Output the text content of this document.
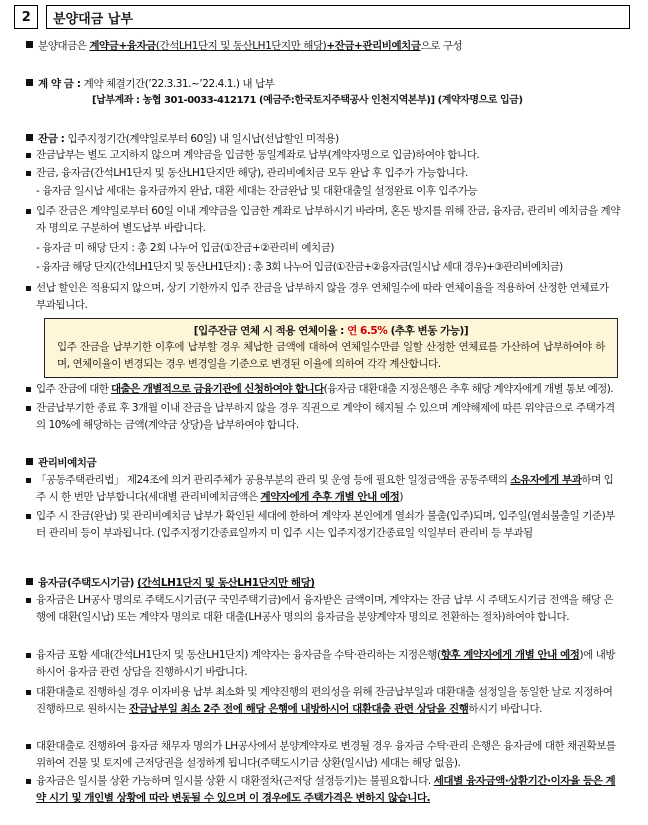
2	분양대금 납부
분양대금은 계약금+융자금(간석LH1단지 및 동산LH1단지만 해당)+잔금+관리비예치금으로 구성
계 약 금 : 계약 체결기간(’22.3.31.~’22.4.1.) 내 납부
[납부계좌 : 농협 301-0033-412171 (예금주:한국토지주택공사 인천지역본부)] (계약자명으로 입금)
잔금 : 입주지정기간(계약일로부터 60일) 내 일시납(선납할인 미적용)
잔금납부는 별도 고지하지 않으며 계약금을 입금한 동일계좌로 납부(계약자명으로 입금)하여야 합니다.
잔금, 융자금(간석LH1단지 및 동산LH1단지만 해당), 관리비예치금 모두 완납 후 입주가 가능합니다.
- 융자금 일시납 세대는 융자금까지 완납, 대환 세대는 잔금완납 및 대환대출일 설정완료 이후 입주가능
입주 잔금은 계약일로부터 60일 이내 계약금을 입금한 계좌로 납부하시기 바라며, 혼돈 방지를 위해 잔금, 융자금, 관리비 예치금을 계약자 명의로 구분하여 별도납부 바랍니다.
- 융자금 미 해당 단지 : 총 2회 나누어 입금(①잔금+②관리비 예치금)
- 융자금 해당 단지(간석LH1단지 및 동산LH1단지) : 총 3회 나누어 입금(①잔금+②융자금(일시납 세대 경우)+③관리비예치금)
선납 할인은 적용되지 않으며, 상기 기한까지 입주 잔금을 납부하지 않을 경우 연체일수에 따라 연체이율을 적용하여 산정한 연체료가 부과됩니다.
[입주잔금 연체 시 적용 연체이율 : 연 6.5% (추후 변동 가능)]
입주 잔금을 납부기한 이후에 납부할 경우 체납한 금액에 대하여 연체일수만큼 일할 산정한 연체료를 가산하여 납부하여야 하며, 연체이율이 변경되는 경우 변경일을 기준으로 변경된 이율에 의하여 각각 계산합니다.
입주 잔금에 대한 대출은 개별적으로 금융기관에 신청하여야 합니다(융자금 대환대출 지정은행은 추후 해당 계약자에게 개별 통보 예정).
잔금납부기한 종료 후 3개월 이내 잔금을 납부하지 않을 경우 직권으로 계약이 해지될 수 있으며 계약해제에 따른 위약금으로 주택가격의 10%에 해당하는 금액(계약금 상당)을 납부하여야 합니다.
관리비예치금
「공동주택관리법」 제24조에 의거 관리주체가 공용부분의 관리 및 운영 등에 필요한 일정금액을 공동주택의 소유자에게 부과하며 입주 시 한 번만 납부합니다(세대별 관리비예치금액은 계약자에게 추후 개별 안내 예정)
입주 시 잔금(완납) 및 관리비예치금 납부가 확인된 세대에 한하여 계약자 본인에게 열쇠가 불출(입주)되며, 입주일(열쇠불출일 기준)부터 관리비 등이 부과됩니다. (입주지정기간종료일까지 미 입주 시는 입주지정기간종료일 익일부터 관리비 등 부과됨
융자금(주택도시기금) (간석LH1단지 및 동산LH1단지만 해당)
융자금은 LH공사 명의로 주택도시기금(구 국민주택기금)에서 융자받은 금액이며, 계약자는 잔금 납부 시 주택도시기금 전액을 해당 은행에 대환(일시납) 또는 계약자 명의로 대환 대출(LH공사 명의의 융자금을 분양계약자 명의로 전환하는 절차)하여야 합니다.
융자금 포함 세대(간석LH1단지 및 동산LH1단지) 계약자는 융자금을 수탁·관리하는 지정은행(향후 계약자에게 개별 안내 예정)에 내방하시어 융자금 관련 상담을 진행하시기 바랍니다.
대환대출로 진행하실 경우 이자비용 납부 최소화 및 계약진행의 편의성을 위해 잔금납부일과 대환대출 설정일을 동일한 날로 지정하여 진행하므로 원하시는 잔금납부일 최소 2주 전에 해당 은행에 내방하시어 대환대출 관련 상담을 진행하시기 바랍니다.
대환대출로 진행하여 융자금 채무자 명의가 LH공사에서 분양계약자로 변경될 경우 융자금 수탁·관리 은행은 융자금에 대한 채권확보를 위하여 건물 및 토지에 근저당권을 설정하게 됩니다(주택도시기금 상환(일시납) 세대는 해당 없음).
융자금은 일시불 상환 가능하며 일시불 상환 시 대환절차(근저당 설정등기)는 불필요합니다. 세대별 융자금액·상환기간·이자율 등은 계약 시기 및 개인별 상황에 따라 변동될 수 있으며 이 경우에도 주택가격은 변하지 않습니다.
